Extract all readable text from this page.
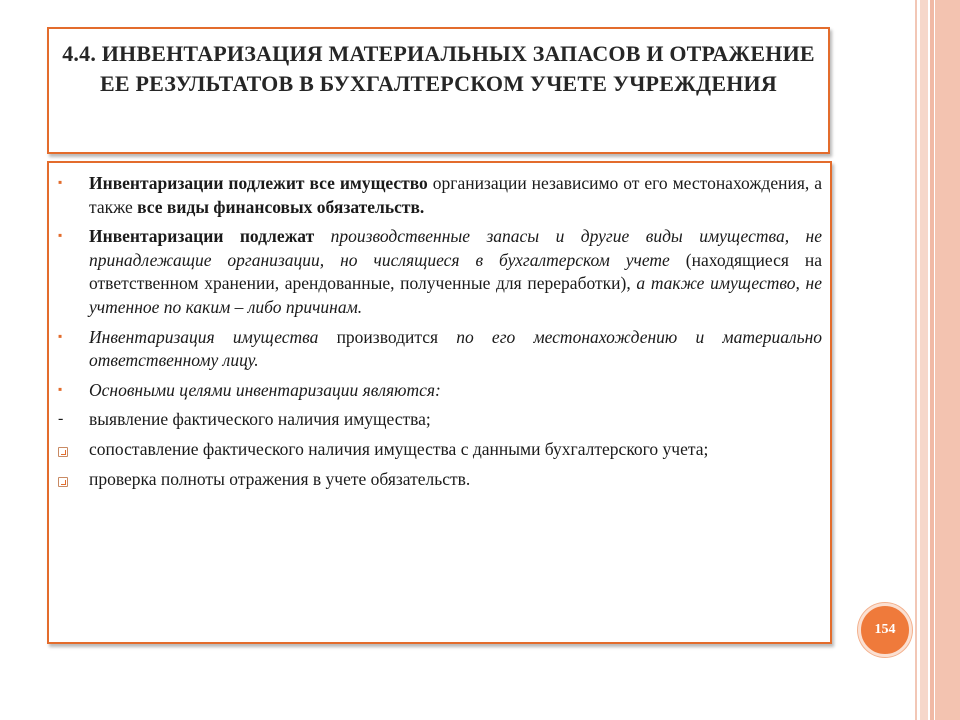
4.4. ИНВЕНТАРИЗАЦИЯ МАТЕРИАЛЬНЫХ ЗАПАСОВ И ОТРАЖЕНИЕ ЕЕ РЕЗУЛЬТАТОВ В БУХГАЛТЕРСКОМ УЧЕТЕ УЧРЕЖДЕНИЯ
▪ Инвентаризации подлежит все имущество организации независимо от его местонахождения, а также все виды финансовых обязательств.

▪ Инвентаризации подлежат производственные запасы и другие виды имущества, не принадлежащие организации, но числящиеся в бухгалтерском учете (находящиеся на ответственном хранении, арендованные, полученные для переработки), а также имущество, не учтенное по каким – либо причинам.

▪ Инвентаризация имущества производится по его местонахождению и материально ответственному лицу.

▪ Основными целями инвентаризации являются:

- выявление фактического наличия имущества;

сопоставление фактического наличия имущества с данными бухгалтерского учета;

проверка полноты отражения в учете обязательств.

154
